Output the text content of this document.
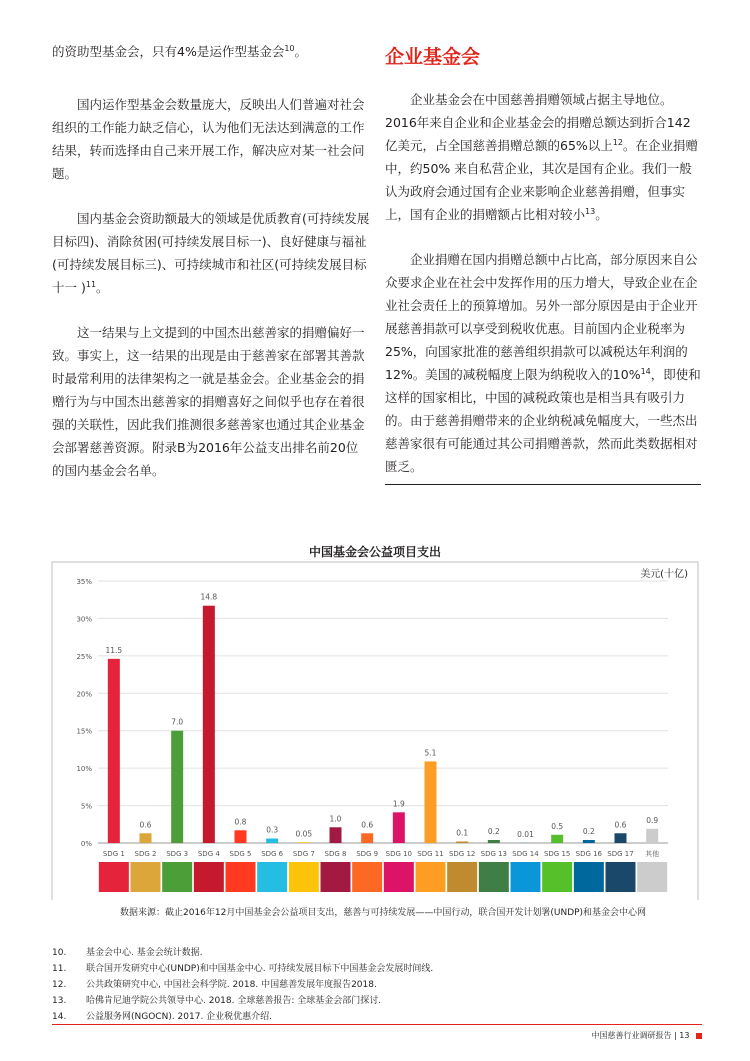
的资助型基金会，只有4%是运作型基金会$^{10}$。

国内运作型基金会数量庞大，反映出人们普遍对社会组织的工作能力缺乏信心，认为他们无法达到满意的工作结果，转而选择由自己来开展工作，解决应对某一社会问题。

国内基金会资助额最大的领域是优质教育(可持续发展目标四)、消除贫困(可持续发展目标一)、良好健康与福祉(可持续发展目标三)、可持续城市和社区(可持续发展目标十一 )$^{11}$。

这一结果与上文提到的中国杰出慈善家的捐赠偏好一致。事实上，这一结果的出现是由于慈善家在部署其善款时最常利用的法律架构之一就是基金会。企业基金会的捐赠行为与中国杰出慈善家的捐赠喜好之间似乎也存在着很强的关联性，因此我们推测很多慈善家也通过其企业基金会部署慈善资源。附录B为2016年公益支出排名前20位的国内基金会名单。

企业基金会

企业基金会在中国慈善捐赠领域占据主导地位。2016年来自企业和企业基金会的捐赠总额达到折合142亿美元，占全国慈善捐赠总额的65%以上$^{12}$。在企业捐赠中，约50% 来自私营企业，其次是国有企业。我们一般认为政府会通过国有企业来影响企业慈善捐赠，但事实上，国有企业的捐赠额占比相对较小$^{13}$。

企业捐赠在国内捐赠总额中占比高，部分原因来自公众要求企业在社会中发挥作用的压力增大，导致企业在企业社会责任上的预算增加。另外一部分原因是由于企业开展慈善捐款可以享受到税收优惠。目前国内企业税率为25%，向国家批准的慈善组织捐款可以减税达年利润的12%。美国的减税幅度上限为纳税收入的10%$^{14}$，即使和这样的国家相比，中国的减税政策也是相当具有吸引力的。由于慈善捐赠带来的企业纳税减免幅度大，一些杰出慈善家很有可能通过其公司捐赠善款，然而此类数据相对匮乏。

中国基金会公益项目支出
0%
5%
10%
15%
20%
25%
30%
35%
11.5
SDG 1
0.6
SDG 2
7.0
SDG 3
14.8
SDG 4
0.8
SDG 5
0.3
SDG 6
0.05
SDG 7
1.0
SDG 8
0.6
SDG 9
1.9
SDG 10
5.1
SDG 11
0.1
SDG 12
0.2
SDG 13
0.01
SDG 14
0.5
SDG 15
0.2
SDG 16
0.6
SDG 17
0.9
其他
美元(十亿)
数据来源：截止2016年12月中国基金会公益项目支出，慈善与可持续发展——中国行动，联合国开发计划署(UNDP)和基金会中心网
10. 基金会中心. 基金会统计数据.
11. 联合国开发研究中心(UNDP)和中国基金中心. 可持续发展目标下中国基金会发展时间线.
12. 公共政策研究中心, 中国社会科学院. 2018. 中国慈善发展年度报告2018.
13. 哈佛肯尼迪学院公共领导中心. 2018. 全球慈善报告: 全球基金会部门探讨.
14. 公益服务网(NGOCN). 2017. 企业税优惠介绍.
中国慈善行业调研报告 | 13
